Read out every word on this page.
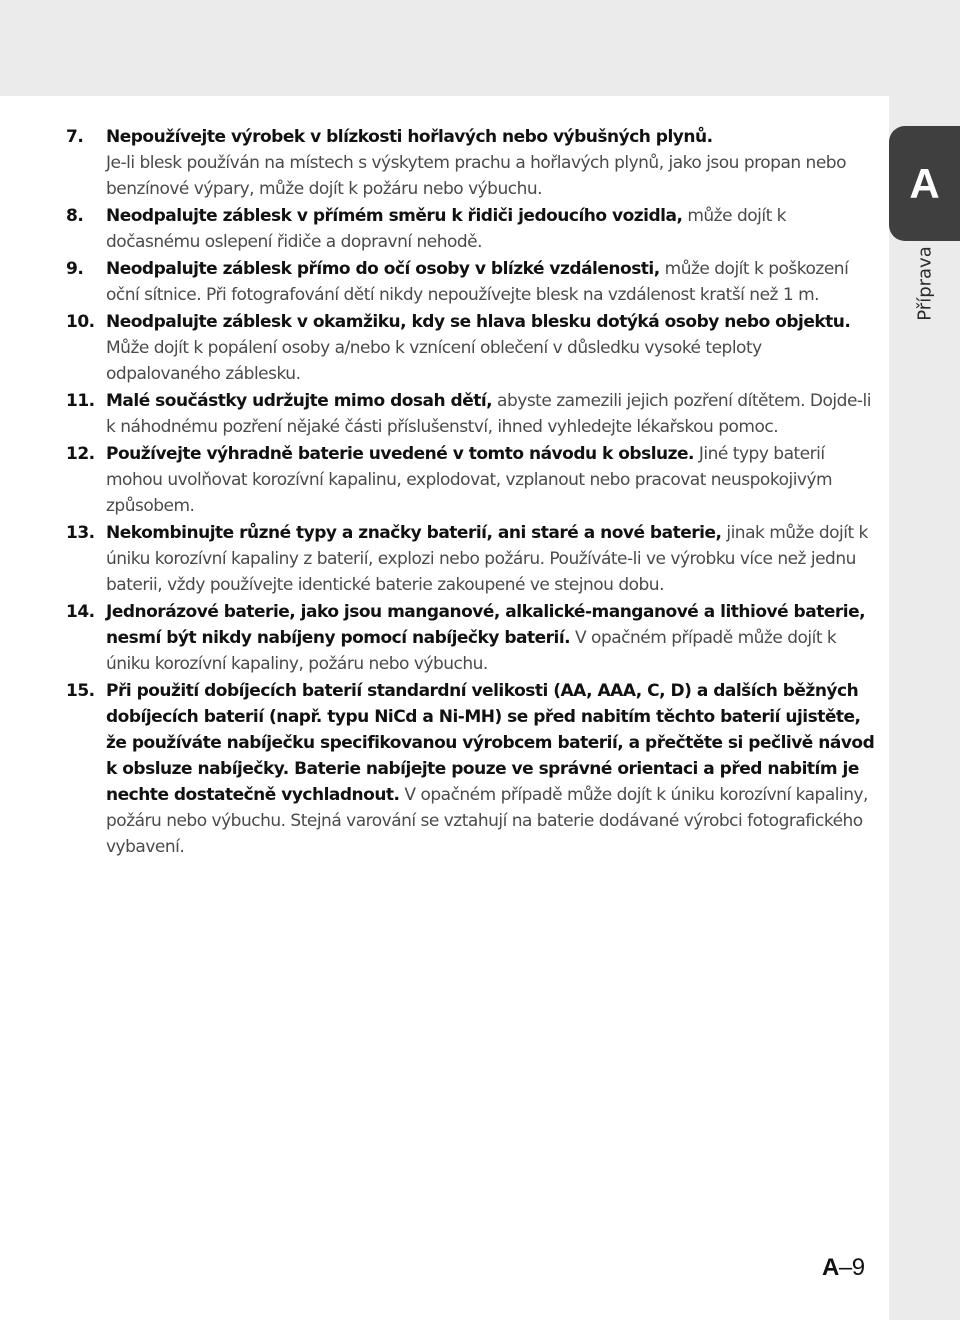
A
Příprava
7. Nepoužívejte výrobek v blízkosti hořlavých nebo výbušných plynů.
Je-li blesk používán na místech s výskytem prachu a hořlavých plynů, jako jsou propan nebo benzínové výpary, může dojít k požáru nebo výbuchu.
8. Neodpalujte záblesk v přímém směru k řidiči jedoucího vozidla, může dojít k dočasnému oslepení řidiče a dopravní nehodě.
9. Neodpalujte záblesk přímo do očí osoby v blízké vzdálenosti, může dojít k poškození oční sítnice. Při fotografování dětí nikdy nepoužívejte blesk na vzdálenost kratší než 1 m.
10. Neodpalujte záblesk v okamžiku, kdy se hlava blesku dotýká osoby nebo objektu.
Může dojít k popálení osoby a/nebo k vznícení oblečení v důsledku vysoké teploty odpalovaného záblesku.
11. Malé součástky udržujte mimo dosah dětí, abyste zamezili jejich pozření dítětem. Dojde-li k náhodnému pozření nějaké části příslušenství, ihned vyhledejte lékařskou pomoc.
12. Používejte výhradně baterie uvedené v tomto návodu k obsluze. Jiné typy baterií mohou uvolňovat korozívní kapalinu, explodovat, vzplanout nebo pracovat neuspokojivým způsobem.
13. Nekombinujte různé typy a značky baterií, ani staré a nové baterie, jinak může dojít k úniku korozívní kapaliny z baterií, explozi nebo požáru. Používáte-li ve výrobku více než jednu baterii, vždy používejte identické baterie zakoupené ve stejnou dobu.
14. Jednorázové baterie, jako jsou manganové, alkalické-manganové a lithiové baterie, nesmí být nikdy nabíjeny pomocí nabíječky baterií. V opačném případě může dojít k úniku korozívní kapaliny, požáru nebo výbuchu.
15. Při použití dobíjecích baterií standardní velikosti (AA, AAA, C, D) a dalších běžných dobíjecích baterií (např. typu NiCd a Ni-MH) se před nabitím těchto baterií ujistěte, že používáte nabíječku specifikovanou výrobcem baterií, a přečtěte si pečlivě návod k obsluze nabíječky. Baterie nabíjejte pouze ve správné orientaci a před nabitím je nechte dostatečně vychladnout. V opačném případě může dojít k úniku korozívní kapaliny, požáru nebo výbuchu. Stejná varování se vztahují na baterie dodávané výrobci fotografického vybavení.
A–9
